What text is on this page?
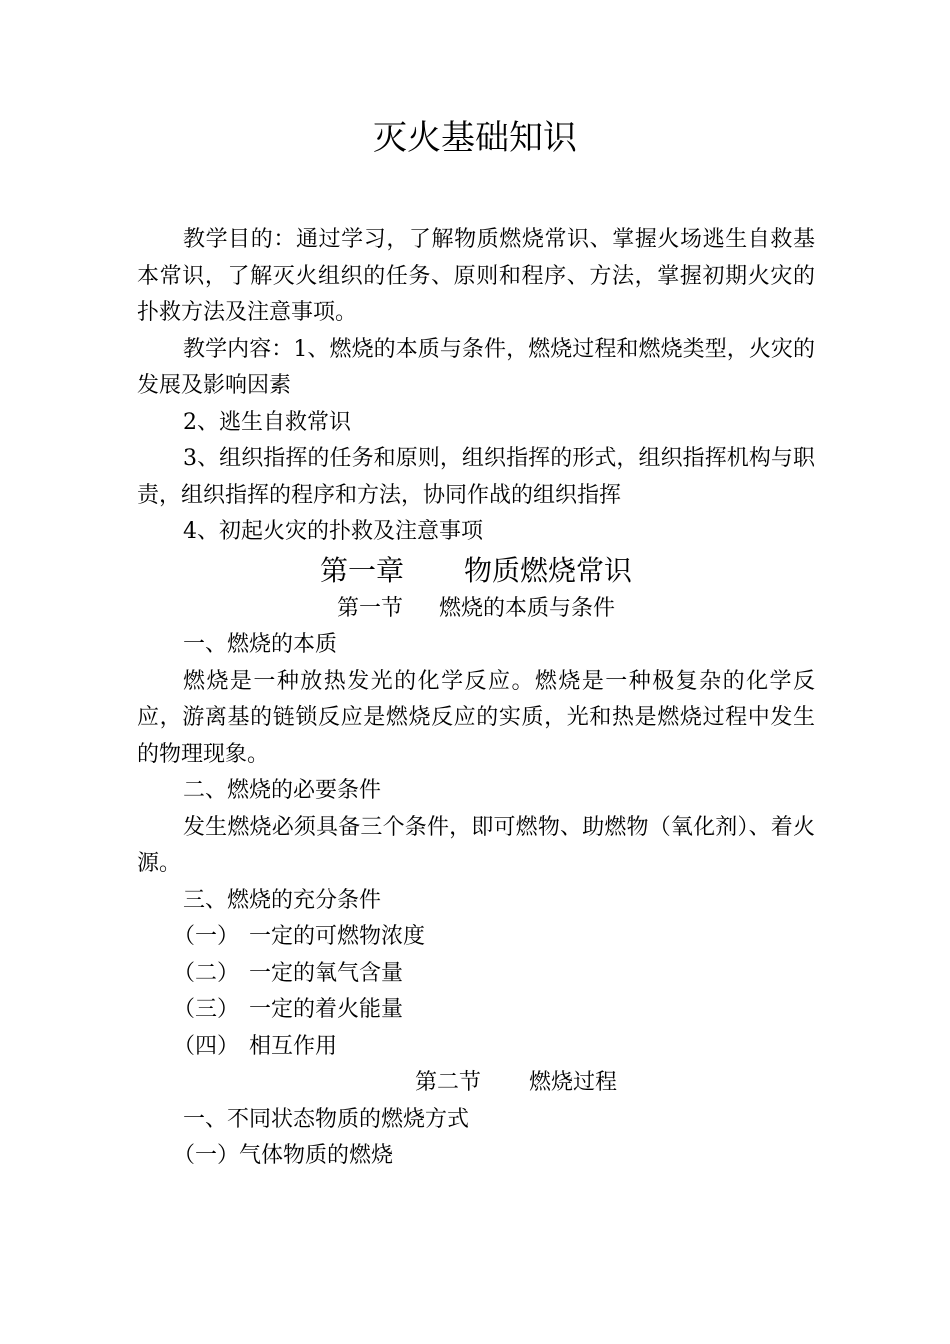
灭火基础知识

教学目的：通过学习，了解物质燃烧常识、掌握火场逃生自救基本常识，了解灭火组织的任务、原则和程序、方法，掌握初期火灾的扑救方法及注意事项。

教学内容：1、燃烧的本质与条件，燃烧过程和燃烧类型，火灾的发展及影响因素

2、逃生自救常识

3、组织指挥的任务和原则，组织指挥的形式，组织指挥机构与职责，组织指挥的程序和方法，协同作战的组织指挥

4、初起火灾的扑救及注意事项

第一章 物质燃烧常识

第一节 燃烧的本质与条件

一、燃烧的本质

燃烧是一种放热发光的化学反应。燃烧是一种极复杂的化学反应，游离基的链锁反应是燃烧反应的实质，光和热是燃烧过程中发生的物理现象。

二、燃烧的必要条件

发生燃烧必须具备三个条件，即可燃物、助燃物（氧化剂）、着火源。

三、燃烧的充分条件

（一） 一定的可燃物浓度

（二） 一定的氧气含量

（三） 一定的着火能量

（四） 相互作用

第二节 燃烧过程

一、不同状态物质的燃烧方式

（一）气体物质的燃烧
